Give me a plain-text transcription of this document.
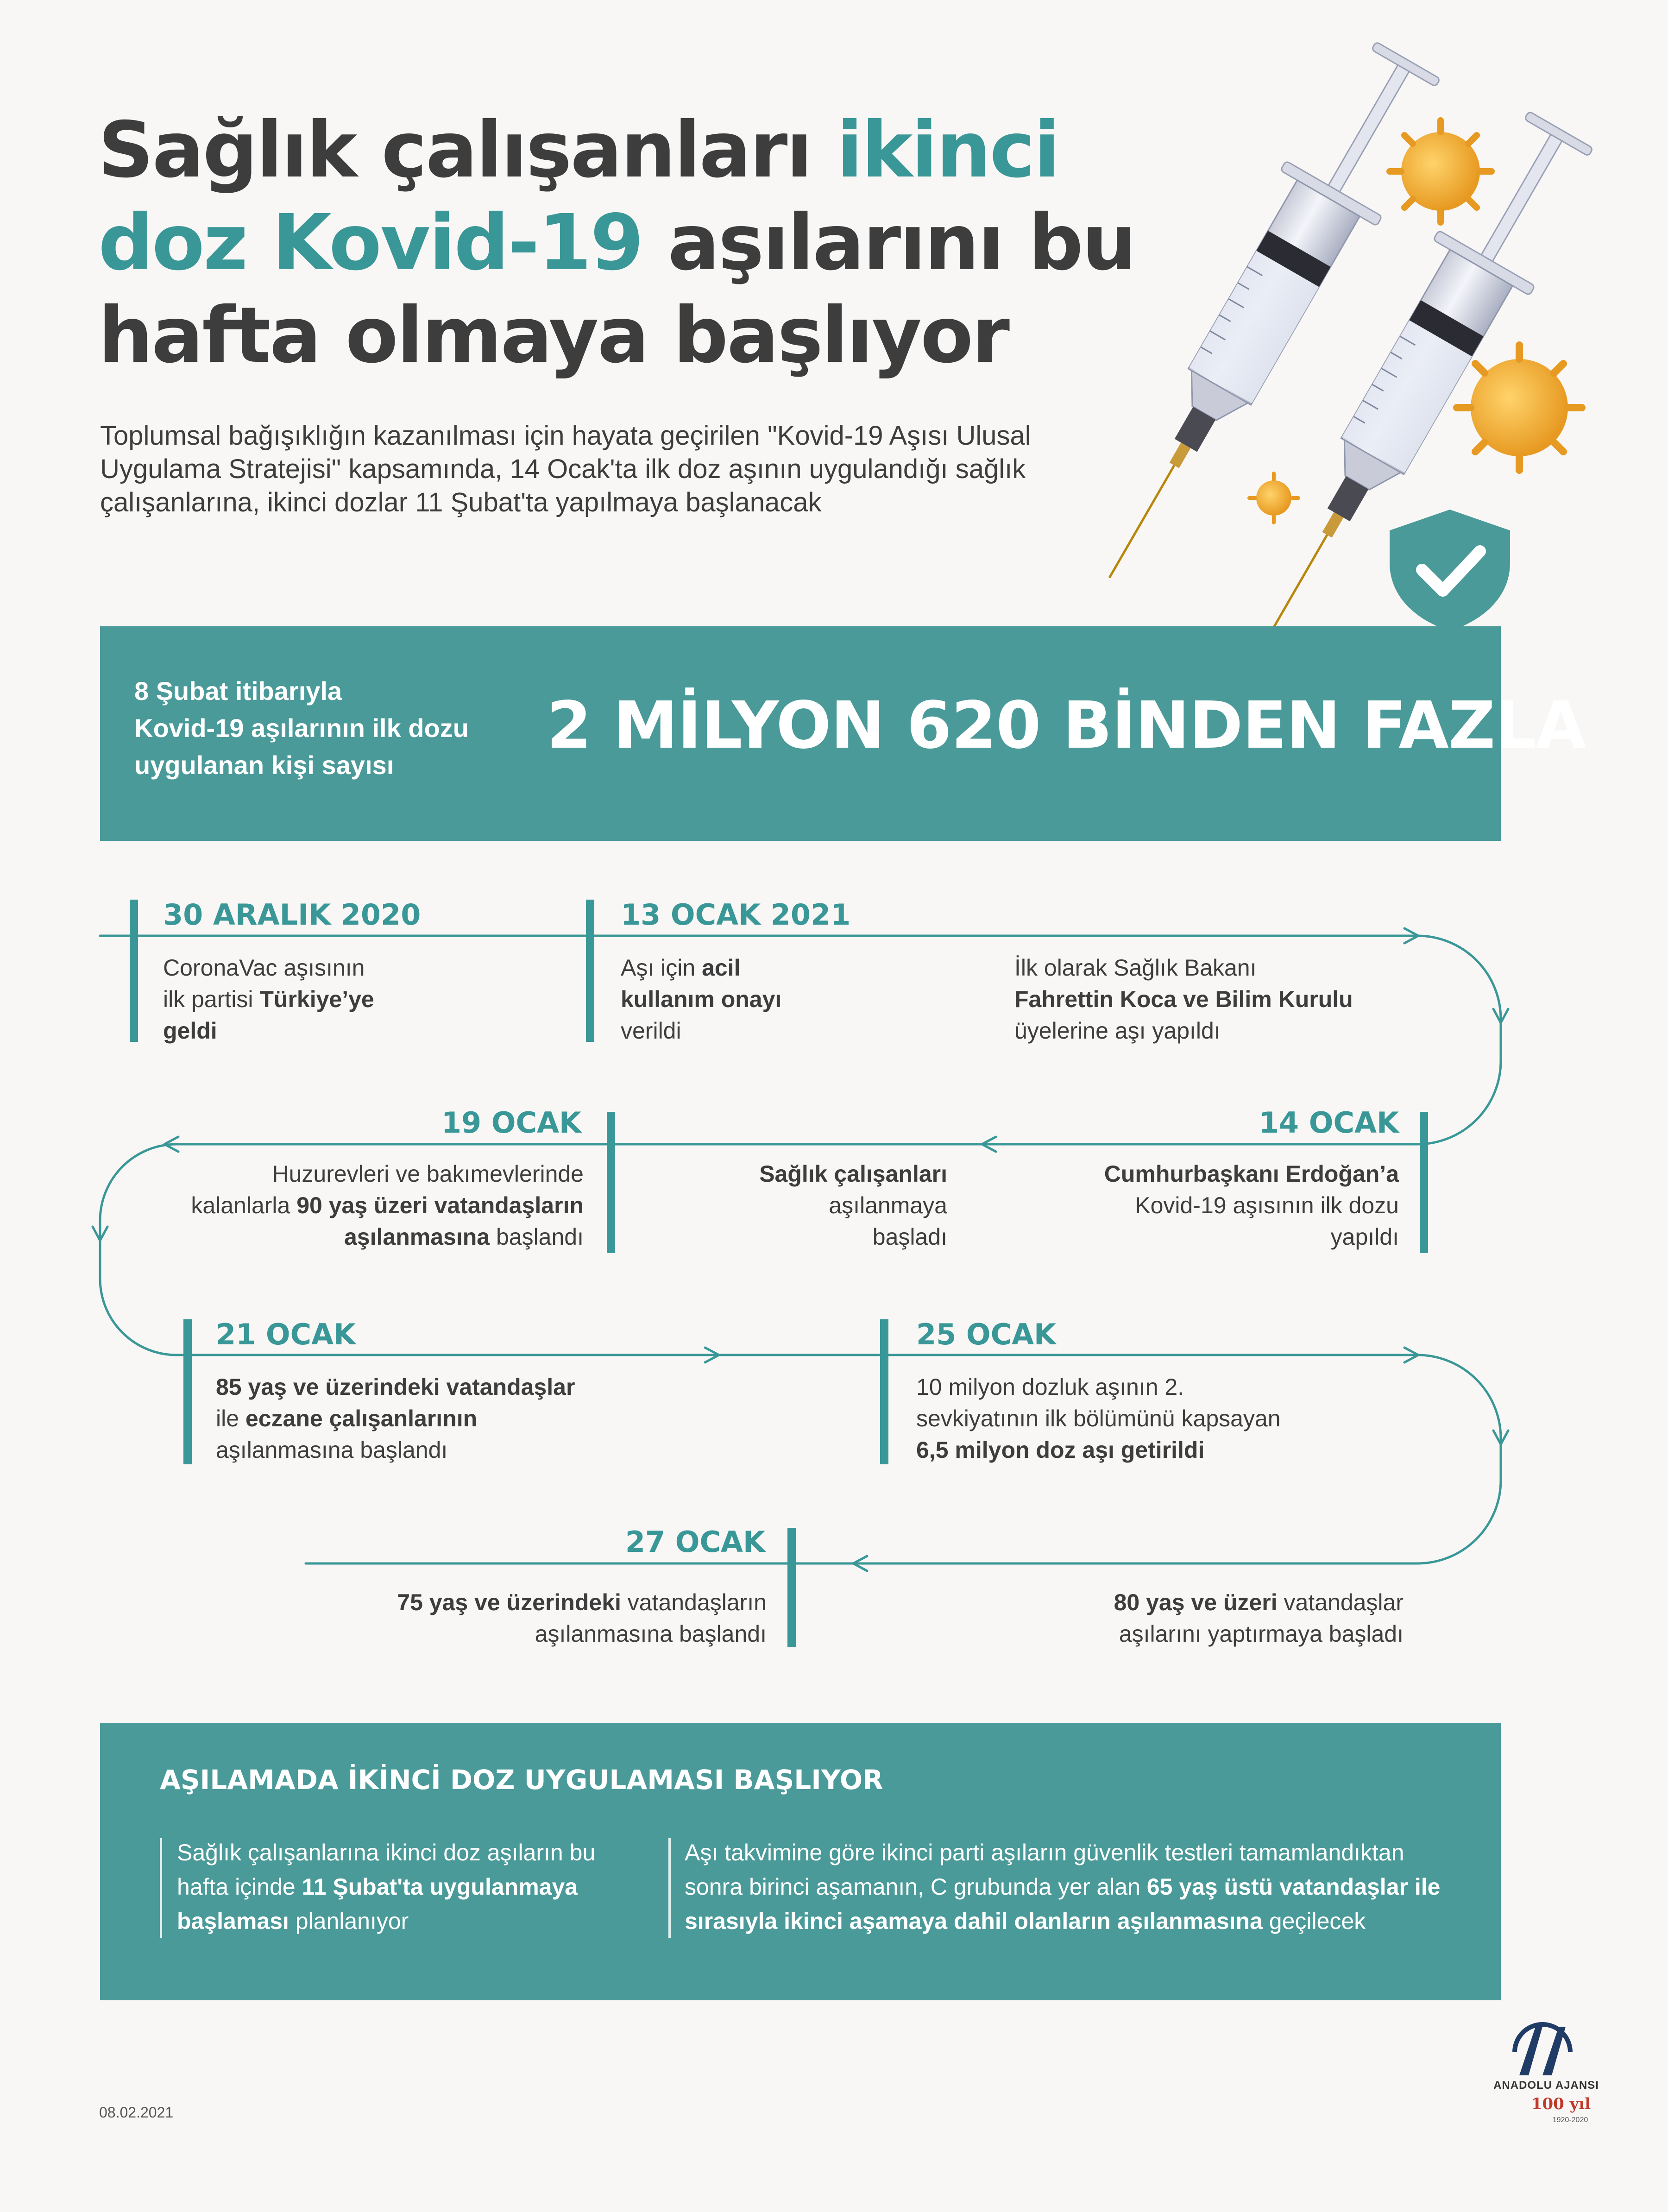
Sağlık çalışanları ikinci doz Kovid-19 aşılarını bu hafta olmaya başlıyor

Toplumsal bağışıklığın kazanılması için hayata geçirilen "Kovid-19 Aşısı Ulusal Uygulama Stratejisi" kapsamında, 14 Ocak'ta ilk doz aşının uygulandığı sağlık çalışanlarına, ikinci dozlar 11 Şubat'ta yapılmaya başlanacak

8 Şubat itibarıyla
Kovid-19 aşılarının ilk dozu
uygulanan kişi sayısı
2 MİLYON 620 BİNDEN FAZLA
30 ARALIK 2020
CoronaVac aşısının
ilk partisi Türkiye’ye
geldi
13 OCAK 2021
Aşı için acil
kullanım onayı
verildi
İlk olarak Sağlık Bakanı
Fahrettin Koca ve Bilim Kurulu
üyelerine aşı yapıldı
14 OCAK
Cumhurbaşkanı Erdoğan’a
Kovid-19 aşısının ilk dozu
yapıldı
Sağlık çalışanları
aşılanmaya
başladı
19 OCAK
Huzurevleri ve bakımevlerinde
kalanlarla 90 yaş üzeri vatandaşların
aşılanmasına başlandı
21 OCAK
85 yaş ve üzerindeki vatandaşlar
ile eczane çalışanlarının
aşılanmasına başlandı
25 OCAK
10 milyon dozluk aşının 2.
sevkiyatının ilk bölümünü kapsayan
6,5 milyon doz aşı getirildi
80 yaş ve üzeri vatandaşlar
aşılarını yaptırmaya başladı
27 OCAK
75 yaş ve üzerindeki vatandaşların
aşılanmasına başlandı
AŞILAMADA İKİNCİ DOZ UYGULAMASI BAŞLIYOR
Sağlık çalışanlarına ikinci doz aşıların bu
hafta içinde 11 Şubat'ta uygulanmaya
başlaması planlanıyor
Aşı takvimine göre ikinci parti aşıların güvenlik testleri tamamlandıktan
sonra birinci aşamanın, C grubunda yer alan 65 yaş üstü vatandaşlar ile
sırasıyla ikinci aşamaya dahil olanların aşılanmasına geçilecek
08.02.2021
ANADOLU AJANSI
100 yıl
1920-2020
